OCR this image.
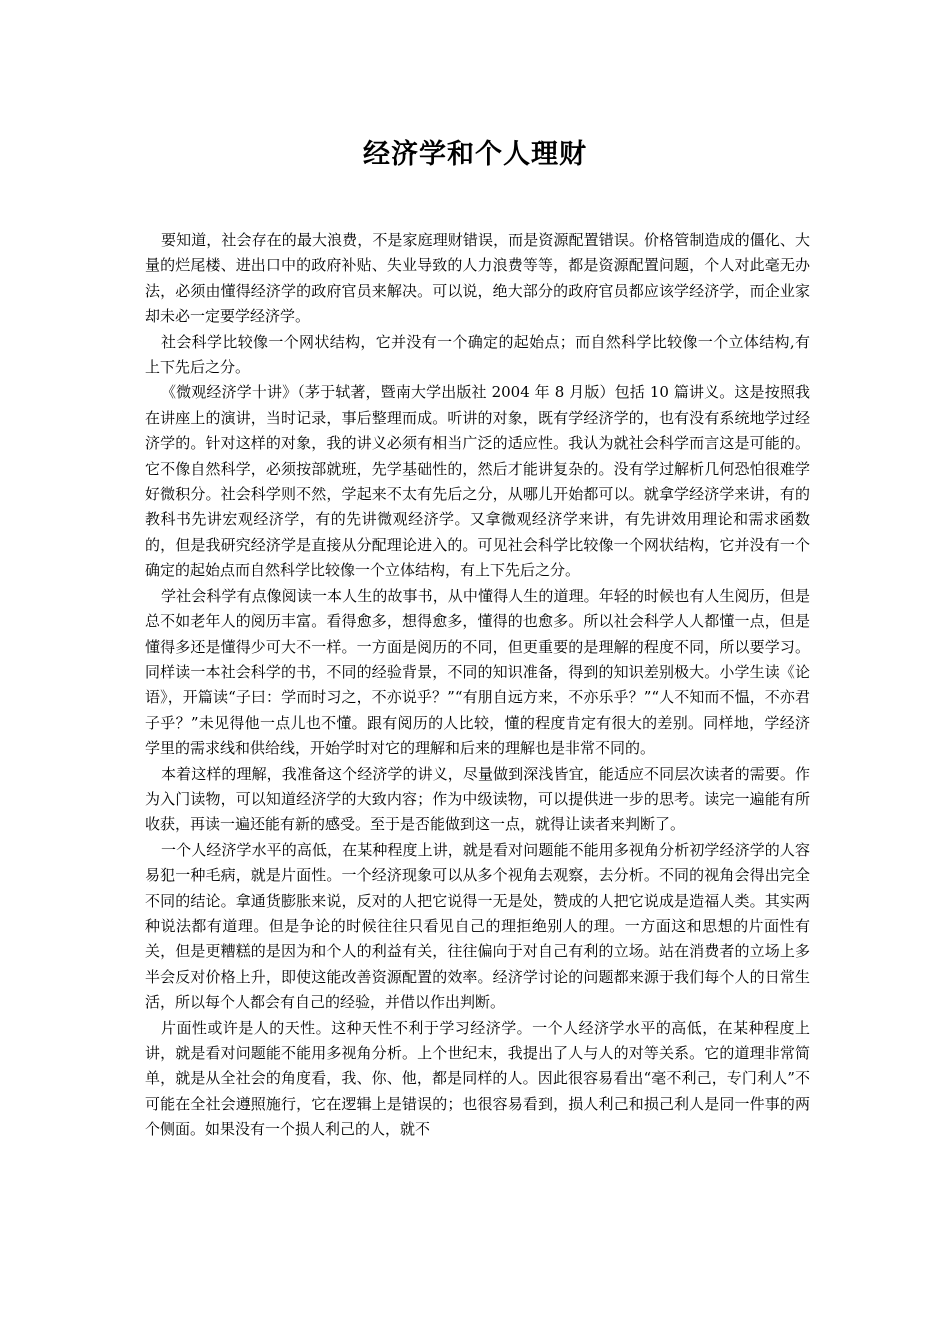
经济学和个人理财

要知道，社会存在的最大浪费，不是家庭理财错误，而是资源配置错误。价格管制造成的僵化、大量的烂尾楼、进出口中的政府补贴、失业导致的人力浪费等等，都是资源配置问题，个人对此毫无办法，必须由懂得经济学的政府官员来解决。可以说，绝大部分的政府官员都应该学经济学，而企业家却未必一定要学经济学。

社会科学比较像一个网状结构，它并没有一个确定的起始点；而自然科学比较像一个立体结构,有上下先后之分。

《微观经济学十讲》（茅于轼著，暨南大学出版社 2004 年 8 月版）包括 10 篇讲义。这是按照我在讲座上的演讲，当时记录，事后整理而成。听讲的对象，既有学经济学的，也有没有系统地学过经济学的。针对这样的对象，我的讲义必须有相当广泛的适应性。我认为就社会科学而言这是可能的。它不像自然科学，必须按部就班，先学基础性的，然后才能讲复杂的。没有学过解析几何恐怕很难学好微积分。社会科学则不然，学起来不太有先后之分，从哪儿开始都可以。就拿学经济学来讲，有的教科书先讲宏观经济学，有的先讲微观经济学。又拿微观经济学来讲，有先讲效用理论和需求函数的，但是我研究经济学是直接从分配理论进入的。可见社会科学比较像一个网状结构，它并没有一个确定的起始点而自然科学比较像一个立体结构，有上下先后之分。

学社会科学有点像阅读一本人生的故事书，从中懂得人生的道理。年轻的时候也有人生阅历，但是总不如老年人的阅历丰富。看得愈多，想得愈多，懂得的也愈多。所以社会科学人人都懂一点，但是懂得多还是懂得少可大不一样。一方面是阅历的不同，但更重要的是理解的程度不同，所以要学习。同样读一本社会科学的书，不同的经验背景，不同的知识准备，得到的知识差别极大。小学生读《论语》，开篇读“子曰：学而时习之，不亦说乎？”“有朋自远方来，不亦乐乎？”“人不知而不愠，不亦君子乎？”未见得他一点儿也不懂。跟有阅历的人比较，懂的程度肯定有很大的差别。同样地，学经济学里的需求线和供给线，开始学时对它的理解和后来的理解也是非常不同的。

本着这样的理解，我准备这个经济学的讲义，尽量做到深浅皆宜，能适应不同层次读者的需要。作为入门读物，可以知道经济学的大致内容；作为中级读物，可以提供进一步的思考。读完一遍能有所收获，再读一遍还能有新的感受。至于是否能做到这一点，就得让读者来判断了。

一个人经济学水平的高低，在某种程度上讲，就是看对问题能不能用多视角分析初学经济学的人容易犯一种毛病，就是片面性。一个经济现象可以从多个视角去观察，去分析。不同的视角会得出完全不同的结论。拿通货膨胀来说，反对的人把它说得一无是处，赞成的人把它说成是造福人类。其实两种说法都有道理。但是争论的时候往往只看见自己的理拒绝别人的理。一方面这和思想的片面性有关，但是更糟糕的是因为和个人的利益有关，往往偏向于对自己有利的立场。站在消费者的立场上多半会反对价格上升，即使这能改善资源配置的效率。经济学讨论的问题都来源于我们每个人的日常生活，所以每个人都会有自己的经验，并借以作出判断。

片面性或许是人的天性。这种天性不利于学习经济学。一个人经济学水平的高低，在某种程度上讲，就是看对问题能不能用多视角分析。上个世纪末，我提出了人与人的对等关系。它的道理非常简单，就是从全社会的角度看，我、你、他，都是同样的人。因此很容易看出“毫不利己，专门利人”不可能在全社会遵照施行，它在逻辑上是错误的；也很容易看到，损人利己和损己利人是同一件事的两个侧面。如果没有一个损人利己的人，就不
